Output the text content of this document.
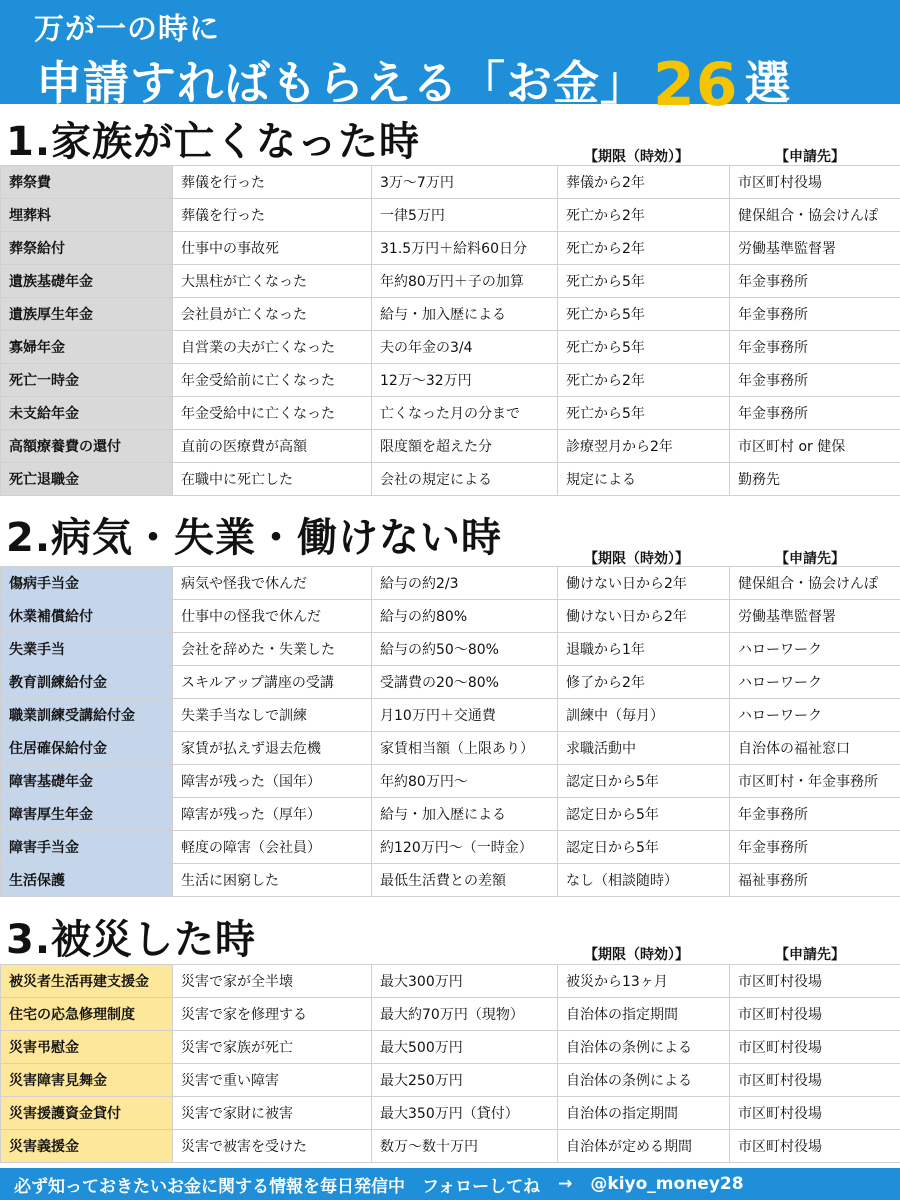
万が一の時に
申請すればもらえる「お金」 26 選
1.家族が亡くなった時	【期限（時効）】	【申請先】
葬祭費	葬儀を行った	3万〜7万円	葬儀から2年	市区町村役場
埋葬料	葬儀を行った	一律5万円	死亡から2年	健保組合・協会けんぽ
葬祭給付	仕事中の事故死	31.5万円＋給料60日分	死亡から2年	労働基準監督署
遺族基礎年金	大黒柱が亡くなった	年約80万円＋子の加算	死亡から5年	年金事務所
遺族厚生年金	会社員が亡くなった	給与・加入歴による	死亡から5年	年金事務所
寡婦年金	自営業の夫が亡くなった	夫の年金の3/4	死亡から5年	年金事務所
死亡一時金	年金受給前に亡くなった	12万〜32万円	死亡から2年	年金事務所
未支給年金	年金受給中に亡くなった	亡くなった月の分まで	死亡から5年	年金事務所
高額療養費の還付	直前の医療費が高額	限度額を超えた分	診療翌月から2年	市区町村 or 健保
死亡退職金	在職中に死亡した	会社の規定による	規定による	勤務先
2.病気・失業・働けない時	【期限（時効）】	【申請先】
傷病手当金	病気や怪我で休んだ	給与の約2/3	働けない日から2年	健保組合・協会けんぽ
休業補償給付	仕事中の怪我で休んだ	給与の約80%	働けない日から2年	労働基準監督署
失業手当	会社を辞めた・失業した	給与の約50〜80%	退職から1年	ハローワーク
教育訓練給付金	スキルアップ講座の受講	受講費の20〜80%	修了から2年	ハローワーク
職業訓練受講給付金	失業手当なしで訓練	月10万円＋交通費	訓練中（毎月）	ハローワーク
住居確保給付金	家賃が払えず退去危機	家賃相当額（上限あり）	求職活動中	自治体の福祉窓口
障害基礎年金	障害が残った（国年）	年約80万円〜	認定日から5年	市区町村・年金事務所
障害厚生年金	障害が残った（厚年）	給与・加入歴による	認定日から5年	年金事務所
障害手当金	軽度の障害（会社員）	約120万円〜（一時金）	認定日から5年	年金事務所
生活保護	生活に困窮した	最低生活費との差額	なし（相談随時）	福祉事務所
3.被災した時	【期限（時効）】	【申請先】
被災者生活再建支援金	災害で家が全半壊	最大300万円	被災から13ヶ月	市区町村役場
住宅の応急修理制度	災害で家を修理する	最大約70万円（現物）	自治体の指定期間	市区町村役場
災害弔慰金	災害で家族が死亡	最大500万円	自治体の条例による	市区町村役場
災害障害見舞金	災害で重い障害	最大250万円	自治体の条例による	市区町村役場
災害援護資金貸付	災害で家財に被害	最大350万円（貸付）	自治体の指定期間	市区町村役場
災害義援金	災害で被害を受けた	数万〜数十万円	自治体が定める期間	市区町村役場
必ず知っておきたいお金に関する情報を毎日発信中　フォローしてね → @kiyo_money28
